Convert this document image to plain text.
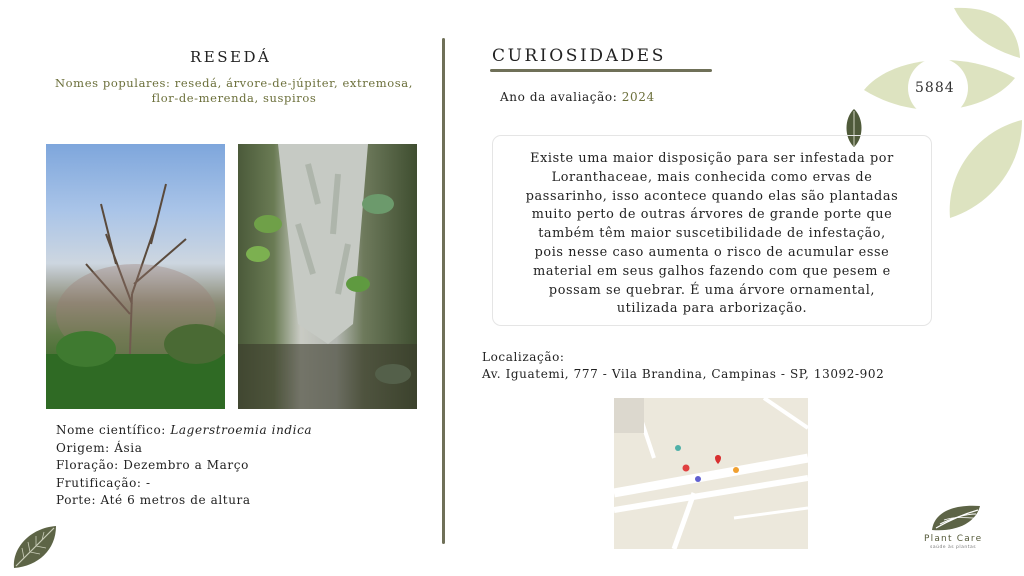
5884
RESEDÁ
Nomes populares: resedá, árvore-de-júpiter, extremosa,
flor-de-merenda, suspiros
Nome científico: Lagerstroemia indica
Origem: Ásia
Floração: Dezembro a Março
Frutificação: -
Porte: Até 6 metros de altura
CURIOSIDADES
Ano da avaliação: 2024
Existe uma maior disposição para ser infestada por
Loranthaceae, mais conhecida como ervas de
passarinho, isso acontece quando elas são plantadas
muito perto de outras árvores de grande porte que
também têm maior suscetibilidade de infestação,
pois nesse caso aumenta o risco de acumular esse
material em seus galhos fazendo com que pesem e
possam se quebrar. É uma árvore ornamental,
utilizada para arborização.
Localização:
Av. Iguatemi, 777 - Vila Brandina, Campinas - SP, 13092-902
Plant Care
saúde às plantas
